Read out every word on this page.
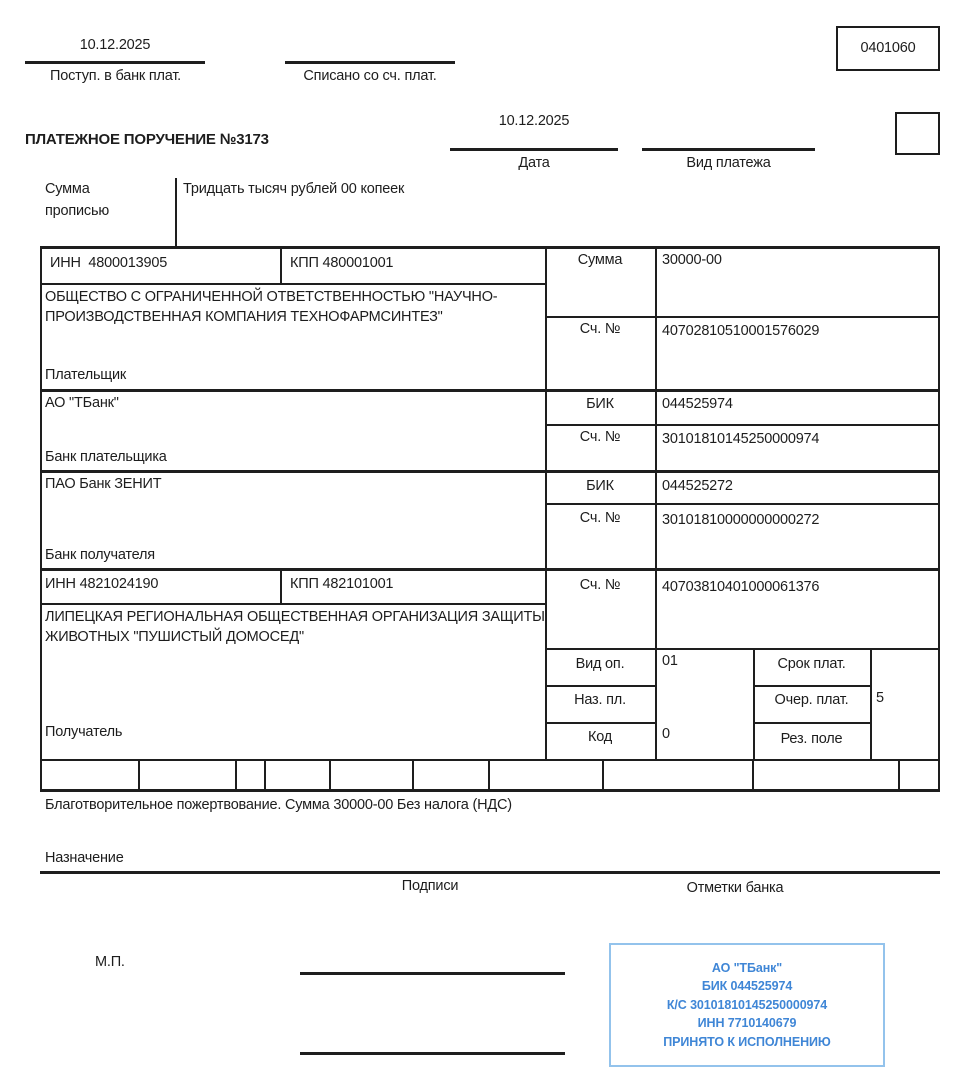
10.12.2025
Поступ. в банк плат.	Списано со сч. плат.
0401060
ПЛАТЕЖНОЕ ПОРУЧЕНИЕ №3173
10.12.2025
Дата	Вид платежа
Сумма
прописью
Тридцать тысяч рублей 00 копеек
ИНН  4800013905	КПП 480001001	Сумма	30000-00
ОБЩЕСТВО С ОГРАНИЧЕННОЙ ОТВЕТСТВЕННОСТЬЮ "НАУЧНО-
ПРОИЗВОДСТВЕННАЯ КОМПАНИЯ ТЕХНОФАРМСИНТЕЗ"
Сч. №	40702810510001576029
Плательщик
АО "ТБанк"	БИК	044525974
Сч. №	30101810145250000974
Банк плательщика
ПАО Банк ЗЕНИТ	БИК	044525272
Сч. №	30101810000000000272
Банк получателя
ИНН 4821024190	КПП 482101001	Сч. №	40703810401000061376
ЛИПЕЦКАЯ РЕГИОНАЛЬНАЯ ОБЩЕСТВЕННАЯ ОРГАНИЗАЦИЯ ЗАЩИТЫ
ЖИВОТНЫХ "ПУШИСТЫЙ ДОМОСЕД"
Получатель
Вид оп.	01	Срок плат.
Наз. пл.	Очер. плат.	5
Код	0	Рез. поле
Благотворительное пожертвование. Сумма 30000-00 Без налога (НДС)
Назначение
Подписи	Отметки банка
М.П.	АО "ТБанк"
БИК 044525974
К/С 30101810145250000974
ИНН 7710140679
ПРИНЯТО К ИСПОЛНЕНИЮ
